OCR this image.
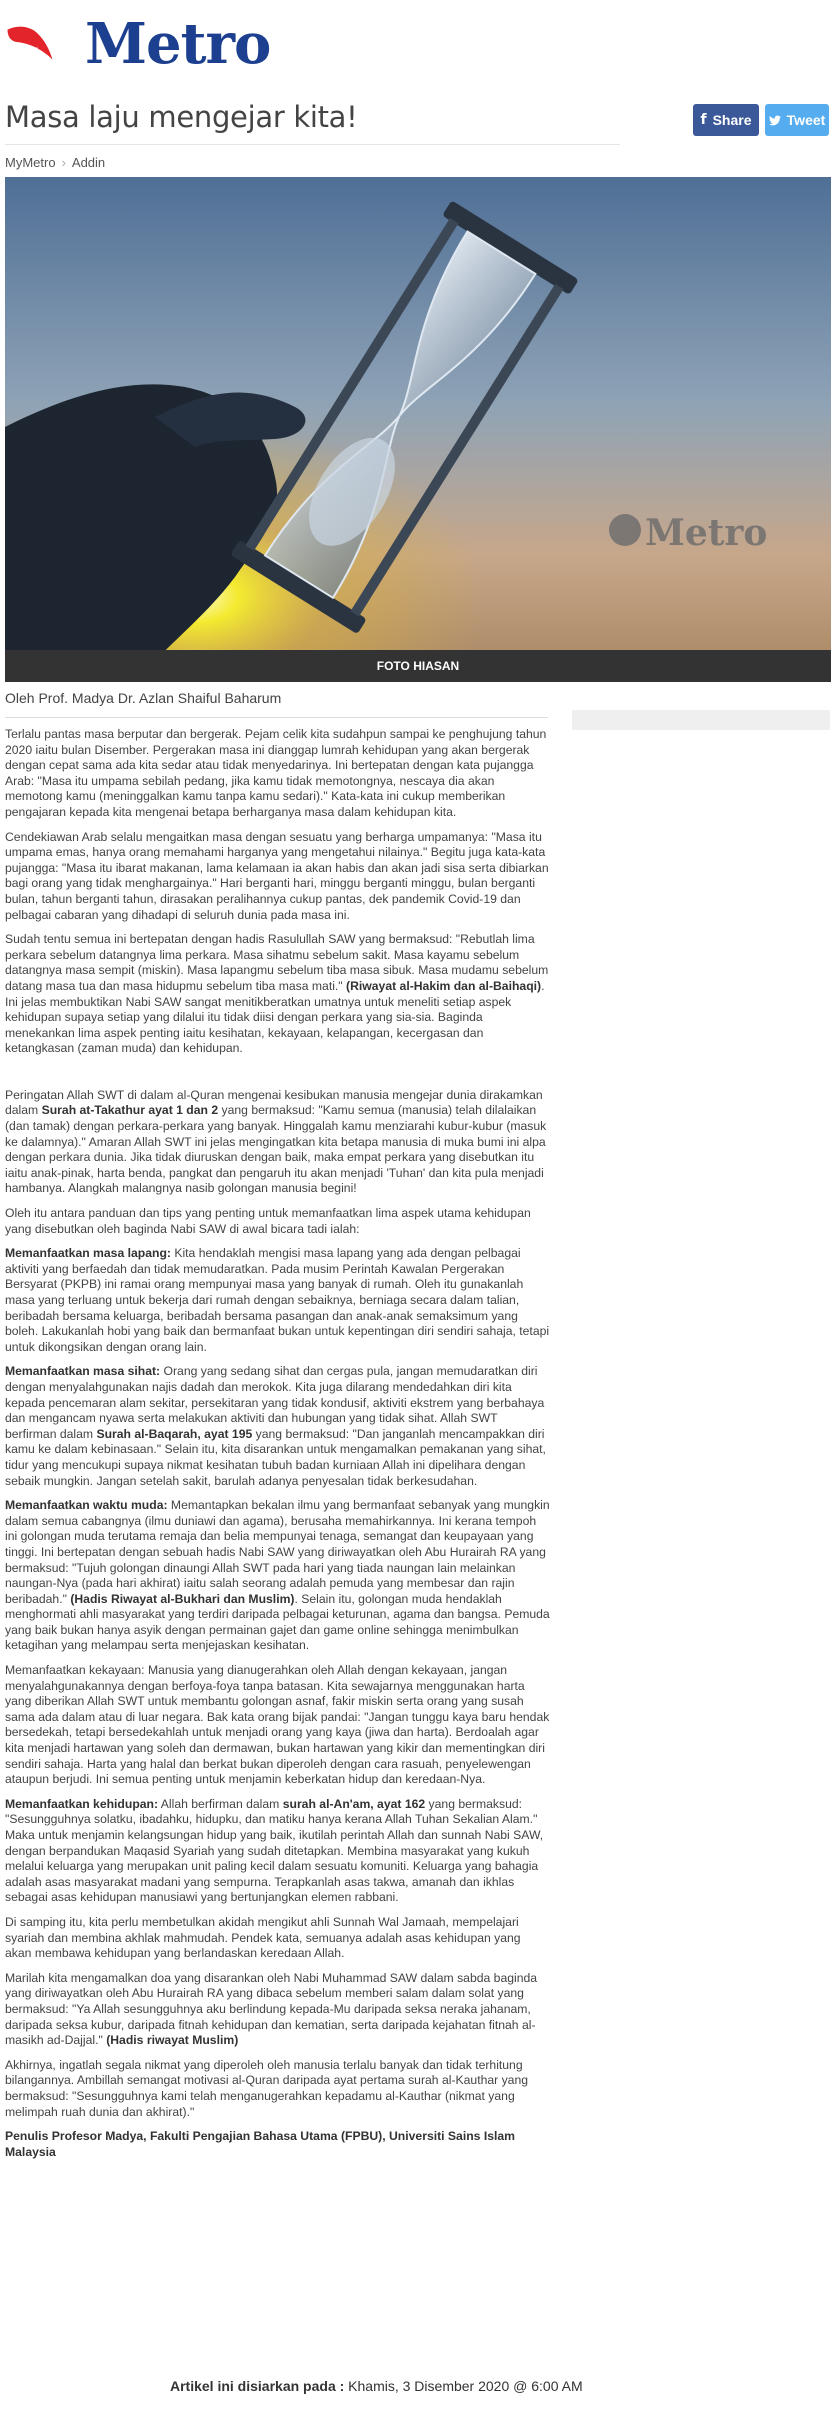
my Metro
Masa laju mengejar kita!	f Share	Tweet
MyMetro › Addin
Metro
FOTO HIASAN
Oleh Prof. Madya Dr. Azlan Shaiful Baharum

Terlalu pantas masa berputar dan bergerak. Pejam celik kita sudahpun sampai ke penghujung tahun 2020 iaitu bulan Disember. Pergerakan masa ini dianggap lumrah kehidupan yang akan bergerak dengan cepat sama ada kita sedar atau tidak menyedarinya. Ini bertepatan dengan kata pujangga Arab: "Masa itu umpama sebilah pedang, jika kamu tidak memotongnya, nescaya dia akan memotong kamu (meninggalkan kamu tanpa kamu sedari)." Kata-kata ini cukup memberikan pengajaran kepada kita mengenai betapa berharganya masa dalam kehidupan kita.

Cendekiawan Arab selalu mengaitkan masa dengan sesuatu yang berharga umpamanya: "Masa itu umpama emas, hanya orang memahami harganya yang mengetahui nilainya." Begitu juga kata-kata pujangga: "Masa itu ibarat makanan, lama kelamaan ia akan habis dan akan jadi sisa serta dibiarkan bagi orang yang tidak menghargainya." Hari berganti hari, minggu berganti minggu, bulan berganti bulan, tahun berganti tahun, dirasakan peralihannya cukup pantas, dek pandemik Covid-19 dan pelbagai cabaran yang dihadapi di seluruh dunia pada masa ini.

Sudah tentu semua ini bertepatan dengan hadis Rasulullah SAW yang bermaksud: "Rebutlah lima perkara sebelum datangnya lima perkara. Masa sihatmu sebelum sakit. Masa kayamu sebelum datangnya masa sempit (miskin). Masa lapangmu sebelum tiba masa sibuk. Masa mudamu sebelum datang masa tua dan masa hidupmu sebelum tiba masa mati." (Riwayat al-Hakim dan al-Baihaqi). Ini jelas membuktikan Nabi SAW sangat menitikberatkan umatnya untuk meneliti setiap aspek kehidupan supaya setiap yang dilalui itu tidak diisi dengan perkara yang sia-sia. Baginda menekankan lima aspek penting iaitu kesihatan, kekayaan, kelapangan, kecergasan dan ketangkasan (zaman muda) dan kehidupan.

Peringatan Allah SWT di dalam al-Quran mengenai kesibukan manusia mengejar dunia dirakamkan dalam Surah at-Takathur ayat 1 dan 2 yang bermaksud: "Kamu semua (manusia) telah dilalaikan (dan tamak) dengan perkara-perkara yang banyak. Hinggalah kamu menziarahi kubur-kubur (masuk ke dalamnya)." Amaran Allah SWT ini jelas mengingatkan kita betapa manusia di muka bumi ini alpa dengan perkara dunia. Jika tidak diuruskan dengan baik, maka empat perkara yang disebutkan itu iaitu anak-pinak, harta benda, pangkat dan pengaruh itu akan menjadi 'Tuhan' dan kita pula menjadi hambanya. Alangkah malangnya nasib golongan manusia begini!

Oleh itu antara panduan dan tips yang penting untuk memanfaatkan lima aspek utama kehidupan yang disebutkan oleh baginda Nabi SAW di awal bicara tadi ialah:

Memanfaatkan masa lapang: Kita hendaklah mengisi masa lapang yang ada dengan pelbagai aktiviti yang berfaedah dan tidak memudaratkan. Pada musim Perintah Kawalan Pergerakan Bersyarat (PKPB) ini ramai orang mempunyai masa yang banyak di rumah. Oleh itu gunakanlah masa yang terluang untuk bekerja dari rumah dengan sebaiknya, berniaga secara dalam talian, beribadah bersama keluarga, beribadah bersama pasangan dan anak-anak semaksimum yang boleh. Lakukanlah hobi yang baik dan bermanfaat bukan untuk kepentingan diri sendiri sahaja, tetapi untuk dikongsikan dengan orang lain.

Memanfaatkan masa sihat: Orang yang sedang sihat dan cergas pula, jangan memudaratkan diri dengan menyalahgunakan najis dadah dan merokok. Kita juga dilarang mendedahkan diri kita kepada pencemaran alam sekitar, persekitaran yang tidak kondusif, aktiviti ekstrem yang berbahaya dan mengancam nyawa serta melakukan aktiviti dan hubungan yang tidak sihat. Allah SWT berfirman dalam Surah al-Baqarah, ayat 195 yang bermaksud: "Dan janganlah mencampakkan diri kamu ke dalam kebinasaan." Selain itu, kita disarankan untuk mengamalkan pemakanan yang sihat, tidur yang mencukupi supaya nikmat kesihatan tubuh badan kurniaan Allah ini dipelihara dengan sebaik mungkin. Jangan setelah sakit, barulah adanya penyesalan tidak berkesudahan.

Memanfaatkan waktu muda: Memantapkan bekalan ilmu yang bermanfaat sebanyak yang mungkin dalam semua cabangnya (ilmu duniawi dan agama), berusaha memahirkannya. Ini kerana tempoh ini golongan muda terutama remaja dan belia mempunyai tenaga, semangat dan keupayaan yang tinggi. Ini bertepatan dengan sebuah hadis Nabi SAW yang diriwayatkan oleh Abu Hurairah RA yang bermaksud: "Tujuh golongan dinaungi Allah SWT pada hari yang tiada naungan lain melainkan naungan-Nya (pada hari akhirat) iaitu salah seorang adalah pemuda yang membesar dan rajin beribadah." (Hadis Riwayat al-Bukhari dan Muslim). Selain itu, golongan muda hendaklah menghormati ahli masyarakat yang terdiri daripada pelbagai keturunan, agama dan bangsa. Pemuda yang baik bukan hanya asyik dengan permainan gajet dan game online sehingga menimbulkan ketagihan yang melampau serta menjejaskan kesihatan.

Memanfaatkan kekayaan: Manusia yang dianugerahkan oleh Allah dengan kekayaan, jangan menyalahgunakannya dengan berfoya-foya tanpa batasan. Kita sewajarnya menggunakan harta yang diberikan Allah SWT untuk membantu golongan asnaf, fakir miskin serta orang yang susah sama ada dalam atau di luar negara. Bak kata orang bijak pandai: "Jangan tunggu kaya baru hendak bersedekah, tetapi bersedekahlah untuk menjadi orang yang kaya (jiwa dan harta). Berdoalah agar kita menjadi hartawan yang soleh dan dermawan, bukan hartawan yang kikir dan mementingkan diri sendiri sahaja. Harta yang halal dan berkat bukan diperoleh dengan cara rasuah, penyelewengan ataupun berjudi. Ini semua penting untuk menjamin keberkatan hidup dan keredaan-Nya.

Memanfaatkan kehidupan: Allah berfirman dalam surah al-An'am, ayat 162 yang bermaksud: "Sesungguhnya solatku, ibadahku, hidupku, dan matiku hanya kerana Allah Tuhan Sekalian Alam." Maka untuk menjamin kelangsungan hidup yang baik, ikutilah perintah Allah dan sunnah Nabi SAW, dengan berpandukan Maqasid Syariah yang sudah ditetapkan. Membina masyarakat yang kukuh melalui keluarga yang merupakan unit paling kecil dalam sesuatu komuniti. Keluarga yang bahagia adalah asas masyarakat madani yang sempurna. Terapkanlah asas takwa, amanah dan ikhlas sebagai asas kehidupan manusiawi yang bertunjangkan elemen rabbani.

Di samping itu, kita perlu membetulkan akidah mengikut ahli Sunnah Wal Jamaah, mempelajari syariah dan membina akhlak mahmudah. Pendek kata, semuanya adalah asas kehidupan yang akan membawa kehidupan yang berlandaskan keredaan Allah.

Marilah kita mengamalkan doa yang disarankan oleh Nabi Muhammad SAW dalam sabda baginda yang diriwayatkan oleh Abu Hurairah RA yang dibaca sebelum memberi salam dalam solat yang bermaksud: "Ya Allah sesungguhnya aku berlindung kepada-Mu daripada seksa neraka jahanam, daripada seksa kubur, daripada fitnah kehidupan dan kematian, serta daripada kejahatan fitnah al-masikh ad-Dajjal." (Hadis riwayat Muslim)

Akhirnya, ingatlah segala nikmat yang diperoleh oleh manusia terlalu banyak dan tidak terhitung bilangannya. Ambillah semangat motivasi al-Quran daripada ayat pertama surah al-Kauthar yang bermaksud: "Sesungguhnya kami telah menganugerahkan kepadamu al-Kauthar (nikmat yang melimpah ruah dunia dan akhirat)."

Penulis Profesor Madya, Fakulti Pengajian Bahasa Utama (FPBU), Universiti Sains Islam Malaysia

Artikel ini disiarkan pada : Khamis, 3 Disember 2020 @ 6:00 AM
